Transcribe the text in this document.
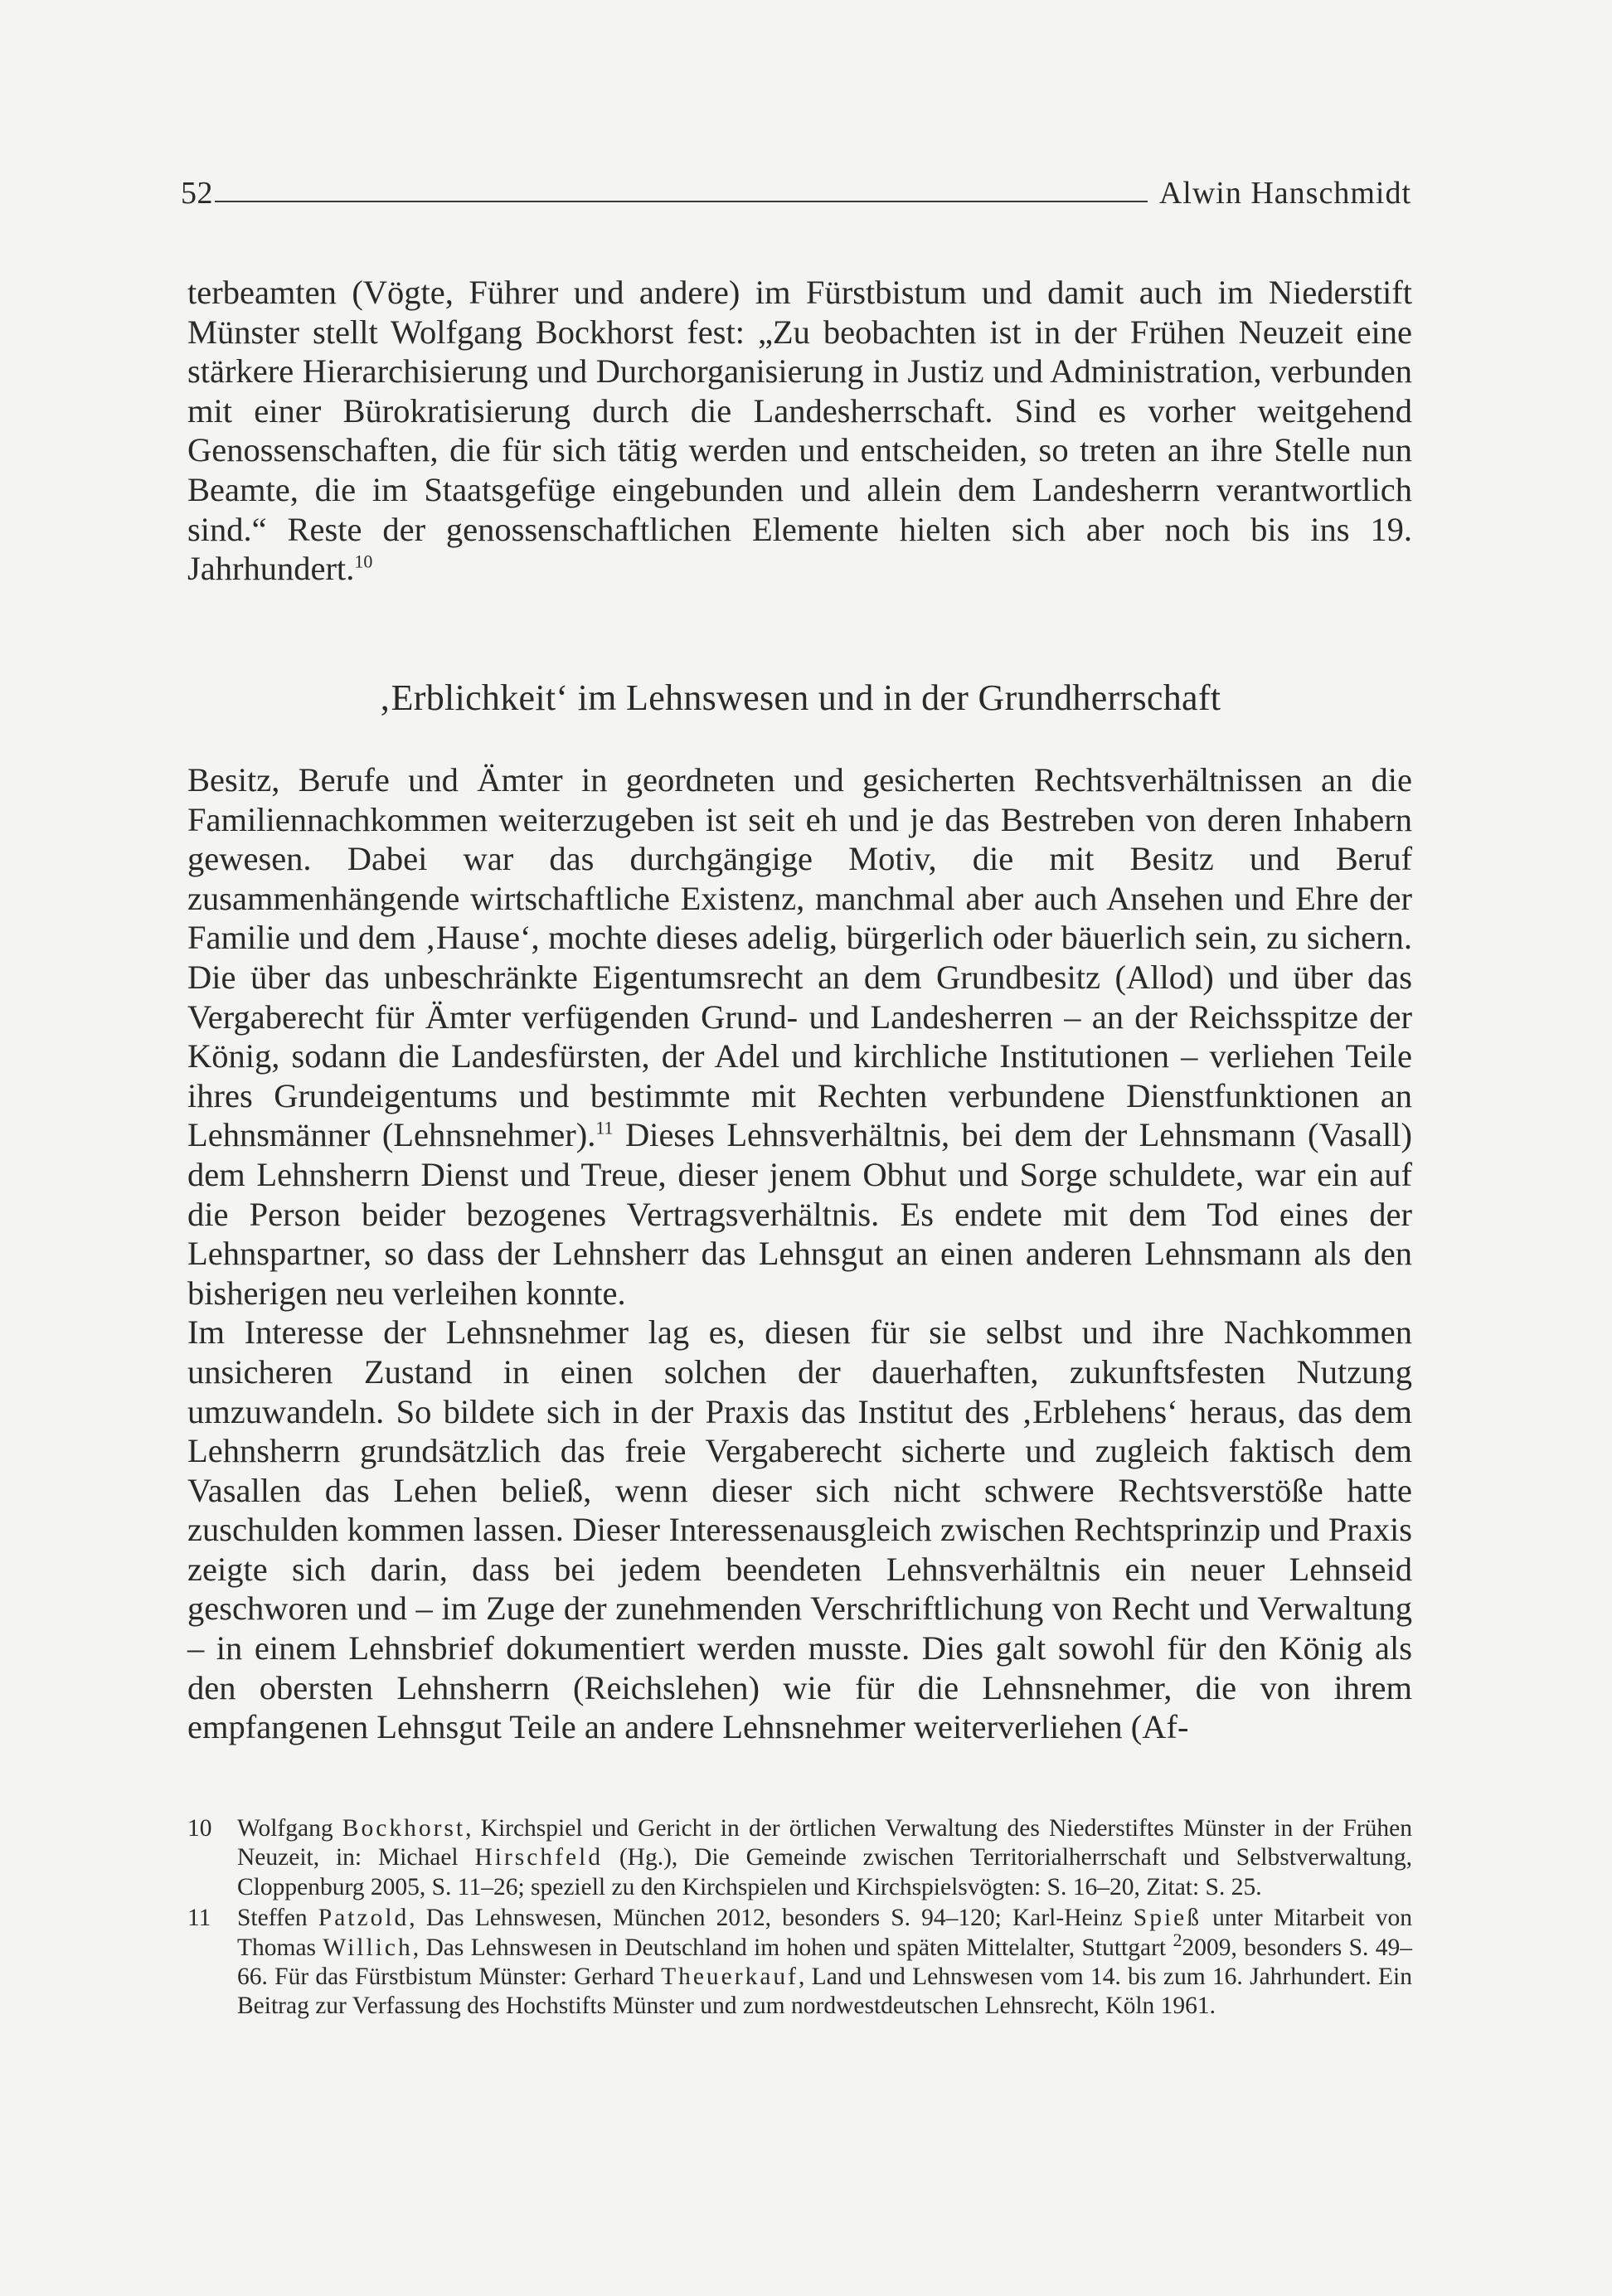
52	Alwin Hanschmidt

terbeamten (Vögte, Führer und andere) im Fürstbistum und damit auch im Niederstift Münster stellt Wolfgang Bockhorst fest: „Zu beobachten ist in der Frühen Neuzeit eine stärkere Hierarchisierung und Durchorganisierung in Justiz und Administration, verbunden mit einer Bürokratisierung durch die Landesherrschaft. Sind es vorher weitgehend Genossenschaften, die für sich tätig werden und entscheiden, so treten an ihre Stelle nun Beamte, die im Staatsgefüge eingebunden und allein dem Landesherrn verantwortlich sind.“ Reste der genossenschaftlichen Elemente hielten sich aber noch bis ins 19. Jahrhundert.$^{10}$

‚Erblichkeit‘ im Lehnswesen und in der Grundherrschaft

Besitz, Berufe und Ämter in geordneten und gesicherten Rechtsverhältnissen an die Familiennachkommen weiterzugeben ist seit eh und je das Bestreben von deren Inhabern gewesen. Dabei war das durchgängige Motiv, die mit Besitz und Beruf zusammenhängende wirtschaftliche Existenz, manchmal aber auch Ansehen und Ehre der Familie und dem ‚Hause‘, mochte dieses adelig, bürgerlich oder bäuerlich sein, zu sichern. Die über das unbeschränkte Eigentumsrecht an dem Grundbesitz (Allod) und über das Vergaberecht für Ämter verfügenden Grund- und Landesherren – an der Reichsspitze der König, sodann die Landesfürsten, der Adel und kirchliche Institutionen – verliehen Teile ihres Grundeigentums und bestimmte mit Rechten verbundene Dienstfunktionen an Lehnsmänner (Lehnsnehmer).$^{11}$ Dieses Lehnsverhältnis, bei dem der Lehnsmann (Vasall) dem Lehnsherrn Dienst und Treue, dieser jenem Obhut und Sorge schuldete, war ein auf die Person beider bezogenes Vertragsverhältnis. Es endete mit dem Tod eines der Lehnspartner, so dass der Lehnsherr das Lehnsgut an einen anderen Lehnsmann als den bisherigen neu verleihen konnte.

Im Interesse der Lehnsnehmer lag es, diesen für sie selbst und ihre Nachkommen unsicheren Zustand in einen solchen der dauerhaften, zukunftsfesten Nutzung umzuwandeln. So bildete sich in der Praxis das Institut des ‚Erblehens‘ heraus, das dem Lehnsherrn grundsätzlich das freie Vergaberecht sicherte und zugleich faktisch dem Vasallen das Lehen beließ, wenn dieser sich nicht schwere Rechtsverstöße hatte zuschulden kommen lassen. Dieser Interessenausgleich zwischen Rechtsprinzip und Praxis zeigte sich darin, dass bei jedem beendeten Lehnsverhältnis ein neuer Lehnseid geschworen und – im Zuge der zunehmenden Verschriftlichung von Recht und Verwaltung – in einem Lehnsbrief dokumentiert werden musste. Dies galt sowohl für den König als den obersten Lehnsherrn (Reichslehen) wie für die Lehnsnehmer, die von ihrem empfangenen Lehnsgut Teile an andere Lehnsnehmer weiterverliehen (Af-

10	Wolfgang Bockhorst, Kirchspiel und Gericht in der örtlichen Verwaltung des Niederstiftes Münster in der Frühen Neuzeit, in: Michael Hirschfeld (Hg.), Die Gemeinde zwischen Territorialherrschaft und Selbstverwaltung, Cloppenburg 2005, S. 11–26; speziell zu den Kirchspielen und Kirchspielsvögten: S. 16–20, Zitat: S. 25.
11	Steffen Patzold, Das Lehnswesen, München 2012, besonders S. 94–120; Karl-Heinz Spieß unter Mitarbeit von Thomas Willich, Das Lehnswesen in Deutschland im hohen und späten Mittelalter, Stuttgart $^2$2009, besonders S. 49–66. Für das Fürstbistum Münster: Gerhard Theuerkauf, Land und Lehnswesen vom 14. bis zum 16. Jahrhundert. Ein Beitrag zur Verfassung des Hochstifts Münster und zum nordwestdeutschen Lehnsrecht, Köln 1961.
